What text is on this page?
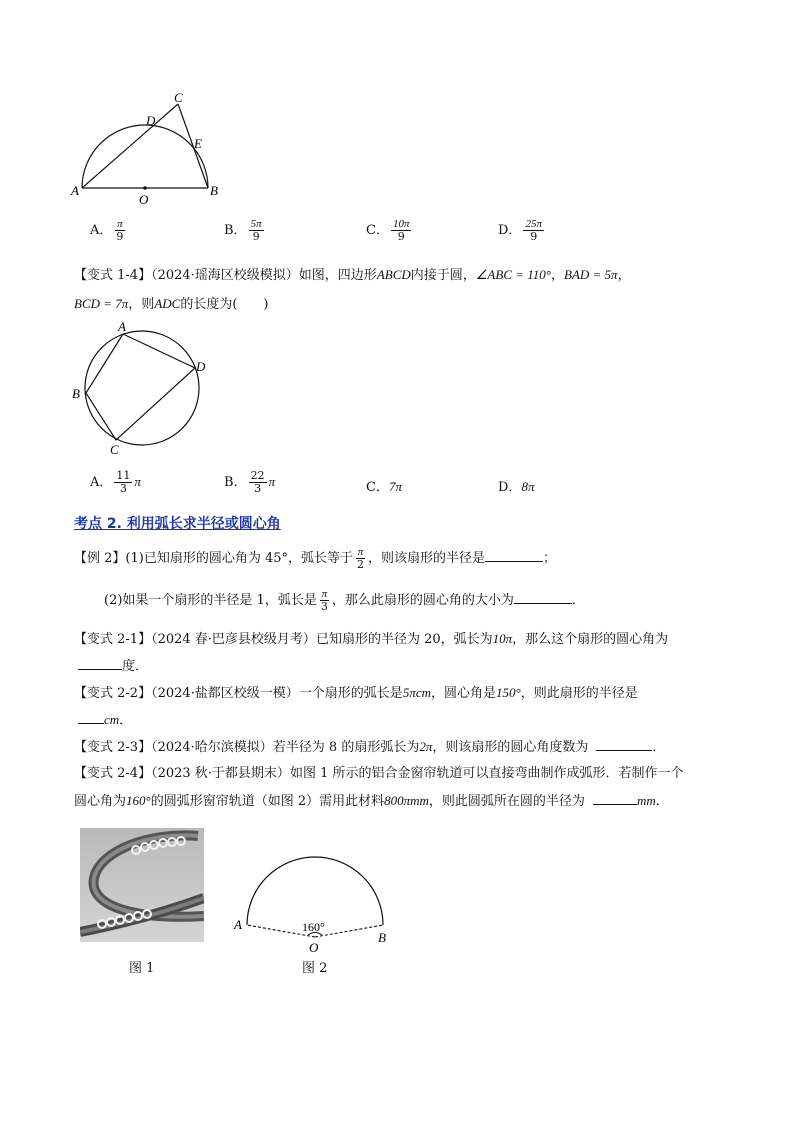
C
D
E
A	B
O
A． $\frac{\pi}{9}$	B． $\frac{5\pi}{9}$	C． $\frac{10\pi}{9}$	D． $\frac{25\pi}{9}$
【变式 1-4】（2024·瑶海区校级模拟）如图，四边形ABCD内接于圆，∠ABC = 110°，BAD = 5π，
BCD = 7π，则ADC的长度为(　　)
A
B
C
D
A． $\frac{11}{3}$ π	B． $\frac{22}{3}$ π	C．7π	D．8π
考点 2. 利用弧长求半径或圆心角
【例 2】(1)已知扇形的圆心角为 45°，弧长等于 $\frac{\pi}{2}$ ，则该扇形的半径是	；
(2)如果一个扇形的半径是 1，弧长是 $\frac{\pi}{3}$ ，那么此扇形的圆心角的大小为	．
【变式 2-1】（2024 春·巴彦县校级月考）已知扇形的半径为 20，弧长为10π，那么这个扇形的圆心角为
度．
【变式 2-2】（2024·盐都区校级一模）一个扇形的弧长是5πcm，圆心角是150°，则此扇形的半径是
cm．
【变式 2-3】（2024·哈尔滨模拟）若半径为 8 的扇形弧长为2π，则该扇形的圆心角度数为	．
【变式 2-4】（2023 秋·于都县期末）如图 1 所示的铝合金窗帘轨道可以直接弯曲制作成弧形．若制作一个
圆心角为160°的圆弧形窗帘轨道（如图 2）需用此材料800πmm，则此圆弧所在圆的半径为	mm．
图 1
160°
A
B
O
图 2
